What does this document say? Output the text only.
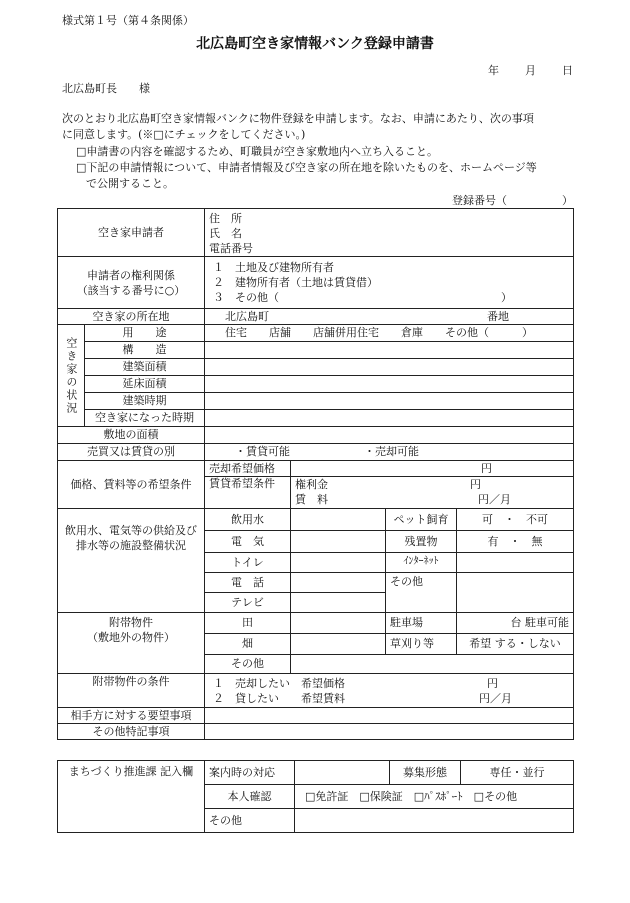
様式第１号（第４条関係）
北広島町空き家情報バンク登録申請書
年 月 日
北広島町長　　様
次のとおり北広島町空き家情報バンクに物件登録を申請します。なお、申請にあたり、次の事項
に同意します。(※□にチェックをしてください。)
□申請書の内容を確認するため、町職員が空き家敷地内へ立ち入ること。
□下記の申請情報について、申請者情報及び空き家の所在地を除いたものを、ホームページ等
で公開すること。
登録番号（　　　　　）
空き家申請者		住　所
氏　名
電話番号			

申請者の権利関係
（該当する番号に○）		１　土地及び建物所有者
２　建物所有者（土地は賃貸借）
３　その他（ ）			

空き家の所在地		北広島町 番地			

空き家の状況	用　　途	住宅　　店舗　　店舗併用住宅　　倉庫　　その他（　　　）			
	構　　造				
	建築面積				
	延床面積				
	建築時期				
	空き家になった時期				
敷地の面積					
売買又は賃貸の別		・賃貸可能 ・売却可能			
価格、賃料等の希望条件		売却希望価格	円		
		賃貸希望条件	権利金 円		
			賃　料 円／月		

飲用水、電気等の供給及び
排水等の施設整備状況		飲用水		ペット飼育	可　・　不可
		電　気		残置物	有　・　無
		トイレ		ｲﾝﾀｰﾈｯﾄ	
		電　話		その他	
		テレビ			

附帯物件
（敷地外の物件）		田		駐車場	台 駐車可能
		畑		草刈り等	希望 する・しない
		その他			
附帯物件の条件		１　売却したい　希望価格 円
２　貸したい　　希望賃料 円／月			

相手方に対する要望事項					
その他特記事項					
まちづくり推進課 記入欄	案内時の対応		募集形態	専任・並行
	本人確認	□免許証　□保険証　□ﾊﾟｽﾎﾟｰﾄ　□その他		
	その他			
